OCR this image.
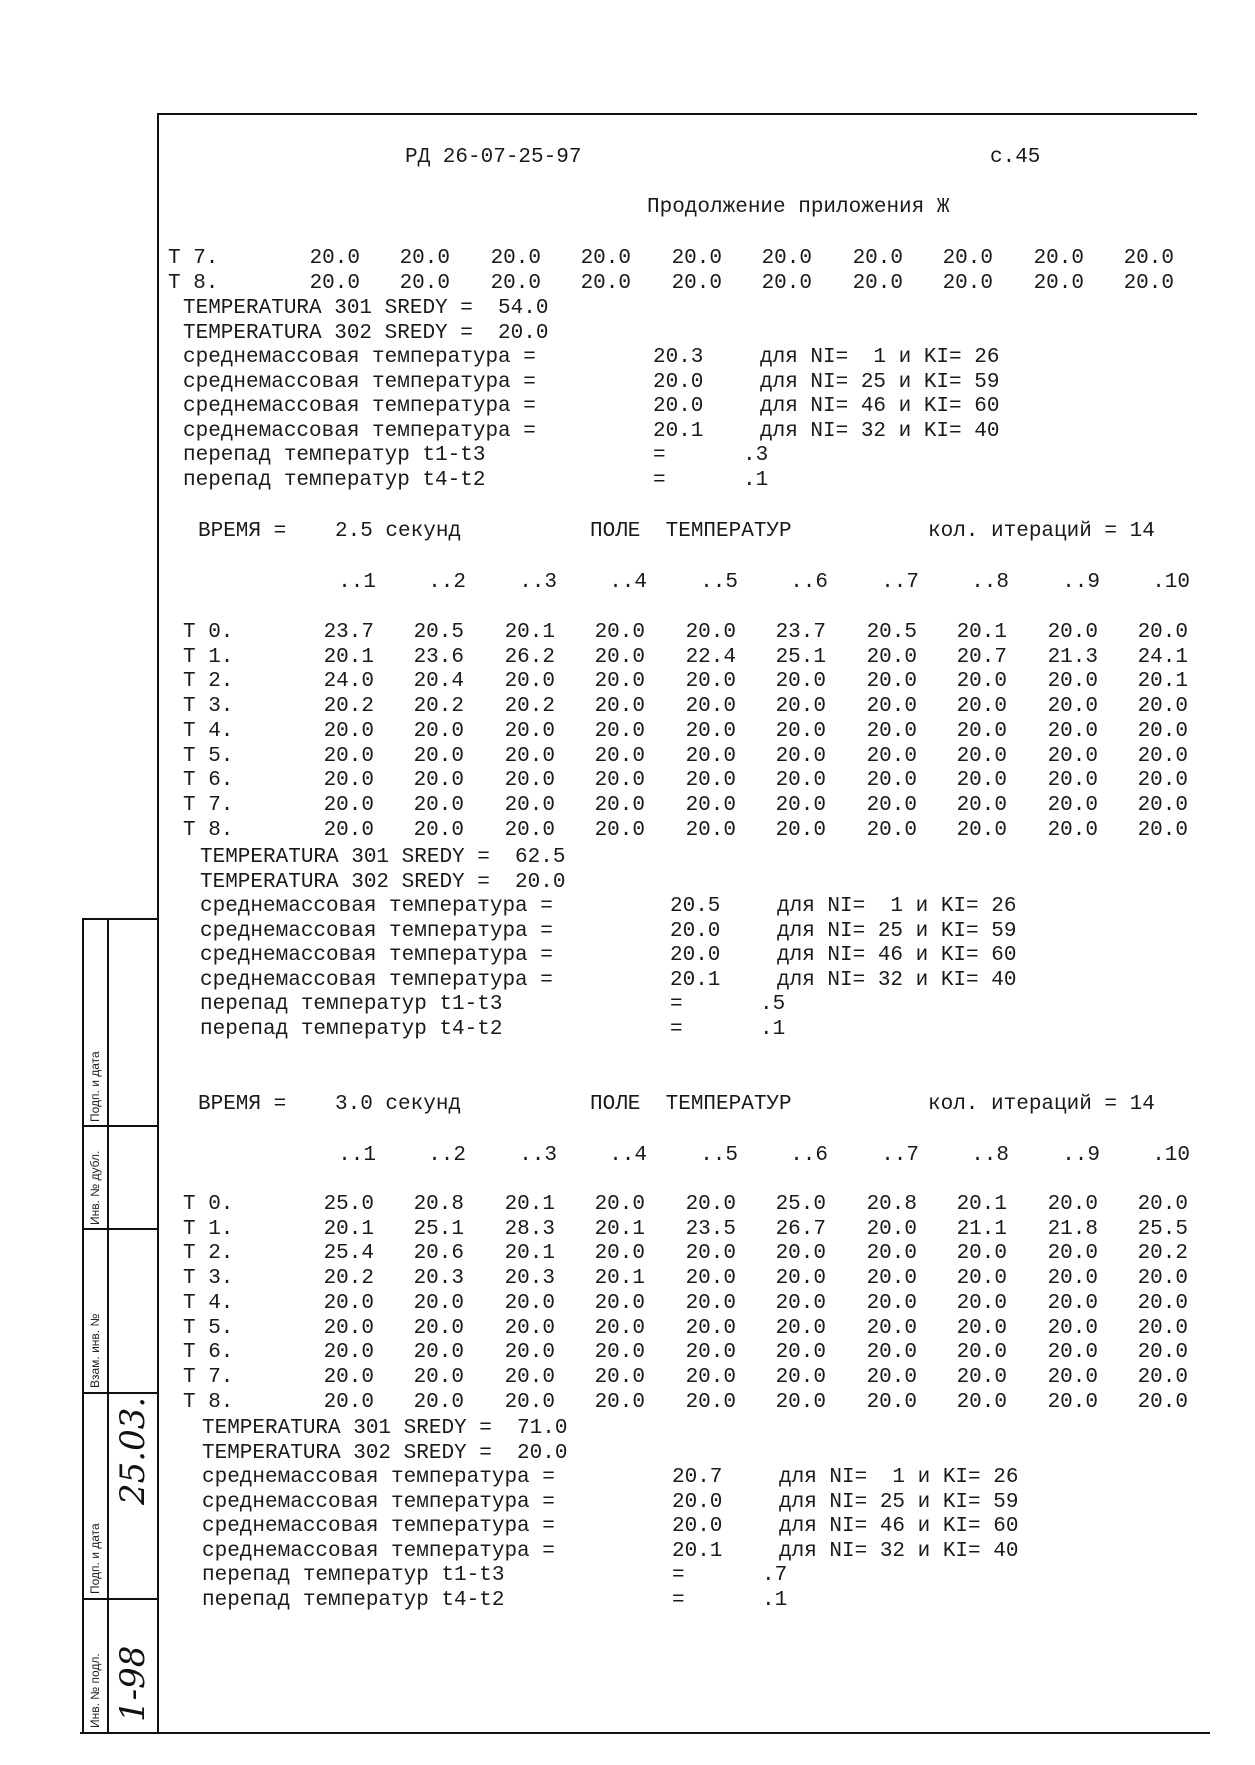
РД 26-07-25-97	с.45
Продолжение приложения Ж
Т 7.	20.0	20.0	20.0	20.0	20.0	20.0	20.0	20.0	20.0	20.0
Т 8.	20.0	20.0	20.0	20.0	20.0	20.0	20.0	20.0	20.0	20.0
TEMPERATURA 301 SREDY =  54.0
TEMPERATURA 302 SREDY =  20.0
среднемассовая температура =	20.3	для NI=  1 и KI= 26
среднемассовая температура =	20.0	для NI= 25 и KI= 59
среднемассовая температура =	20.0	для NI= 46 и KI= 60
среднемассовая температура =	20.1	для NI= 32 и KI= 40
перепад температур t1-t3	=	.3
перепад температур t4-t2	=	.1
ВРЕМЯ = 2.5 секунд	ПОЛЕ  ТЕМПЕРАТУР	кол. итераций = 14
..1	..2	..3	..4	..5	..6	..7	..8	..9	.10
Т 0.	23.7	20.5	20.1	20.0	20.0	23.7	20.5	20.1	20.0	20.0
Т 1.	20.1	23.6	26.2	20.0	22.4	25.1	20.0	20.7	21.3	24.1
Т 2.	24.0	20.4	20.0	20.0	20.0	20.0	20.0	20.0	20.0	20.1
Т 3.	20.2	20.2	20.2	20.0	20.0	20.0	20.0	20.0	20.0	20.0
Т 4.	20.0	20.0	20.0	20.0	20.0	20.0	20.0	20.0	20.0	20.0
Т 5.	20.0	20.0	20.0	20.0	20.0	20.0	20.0	20.0	20.0	20.0
Т 6.	20.0	20.0	20.0	20.0	20.0	20.0	20.0	20.0	20.0	20.0
Т 7.	20.0	20.0	20.0	20.0	20.0	20.0	20.0	20.0	20.0	20.0
Т 8.	20.0	20.0	20.0	20.0	20.0	20.0	20.0	20.0	20.0	20.0
TEMPERATURA 301 SREDY =  62.5
TEMPERATURA 302 SREDY =  20.0
среднемассовая температура =	20.5	для NI=  1 и KI= 26
среднемассовая температура =	20.0	для NI= 25 и KI= 59
среднемассовая температура =	20.0	для NI= 46 и KI= 60
среднемассовая температура =	20.1	для NI= 32 и KI= 40
перепад температур t1-t3	=	.5
перепад температур t4-t2	=	.1
ВРЕМЯ = 3.0 секунд	ПОЛЕ  ТЕМПЕРАТУР	кол. итераций = 14
..1	..2	..3	..4	..5	..6	..7	..8	..9	.10
Т 0.	25.0	20.8	20.1	20.0	20.0	25.0	20.8	20.1	20.0	20.0
Т 1.	20.1	25.1	28.3	20.1	23.5	26.7	20.0	21.1	21.8	25.5
Т 2.	25.4	20.6	20.1	20.0	20.0	20.0	20.0	20.0	20.0	20.2
Т 3.	20.2	20.3	20.3	20.1	20.0	20.0	20.0	20.0	20.0	20.0
Т 4.	20.0	20.0	20.0	20.0	20.0	20.0	20.0	20.0	20.0	20.0
Т 5.	20.0	20.0	20.0	20.0	20.0	20.0	20.0	20.0	20.0	20.0
Т 6.	20.0	20.0	20.0	20.0	20.0	20.0	20.0	20.0	20.0	20.0
Т 7.	20.0	20.0	20.0	20.0	20.0	20.0	20.0	20.0	20.0	20.0
Т 8.	20.0	20.0	20.0	20.0	20.0	20.0	20.0	20.0	20.0	20.0
TEMPERATURA 301 SREDY =  71.0
TEMPERATURA 302 SREDY =  20.0
среднемассовая температура =	20.7	для NI=  1 и KI= 26
среднемассовая температура =	20.0	для NI= 25 и KI= 59
среднемассовая температура =	20.0	для NI= 46 и KI= 60
среднемассовая температура =	20.1	для NI= 32 и KI= 40
перепад температур t1-t3	=	.7
перепад температур t4-t2	=	.1
Подп. и дата
Инв. № дубл.
Взам. инв. №
Подп. и дата
Инв. № подл. 1-98
25.03.
